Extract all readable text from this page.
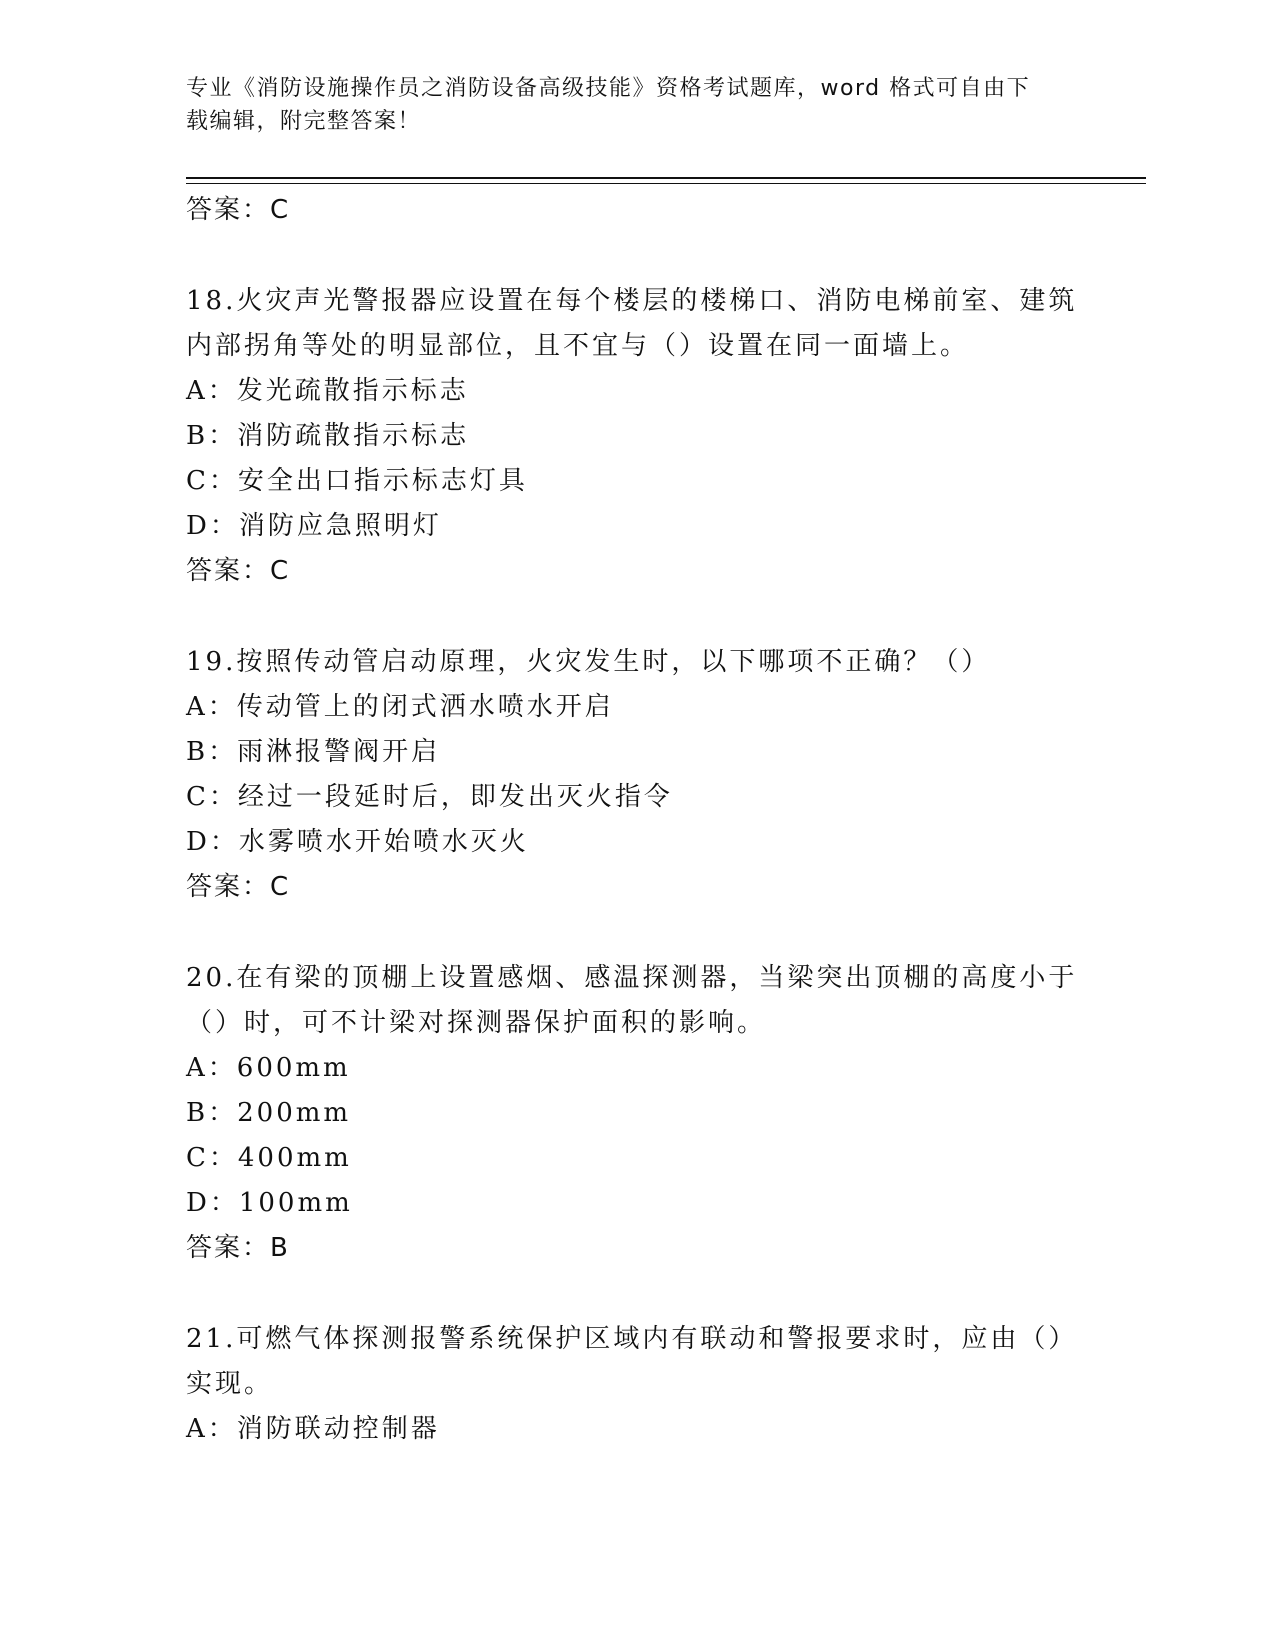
专业《消防设施操作员之消防设备高级技能》资格考试题库，word 格式可自由下
载编辑，附完整答案！

答案：C

18.火灾声光警报器应设置在每个楼层的楼梯口、消防电梯前室、建筑

内部拐角等处的明显部位，且不宜与（）设置在同一面墙上。

A：发光疏散指示标志

B：消防疏散指示标志

C：安全出口指示标志灯具

D：消防应急照明灯

答案：C

19.按照传动管启动原理，火灾发生时，以下哪项不正确？（）

A：传动管上的闭式洒水喷水开启

B：雨淋报警阀开启

C：经过一段延时后，即发出灭火指令

D：水雾喷水开始喷水灭火

答案：C

20.在有梁的顶棚上设置感烟、感温探测器，当梁突出顶棚的高度小于

（）时，可不计梁对探测器保护面积的影响。

A：600mm

B：200mm

C：400mm

D：100mm

答案：B

21.可燃气体探测报警系统保护区域内有联动和警报要求时，应由（）

实现。

A：消防联动控制器
